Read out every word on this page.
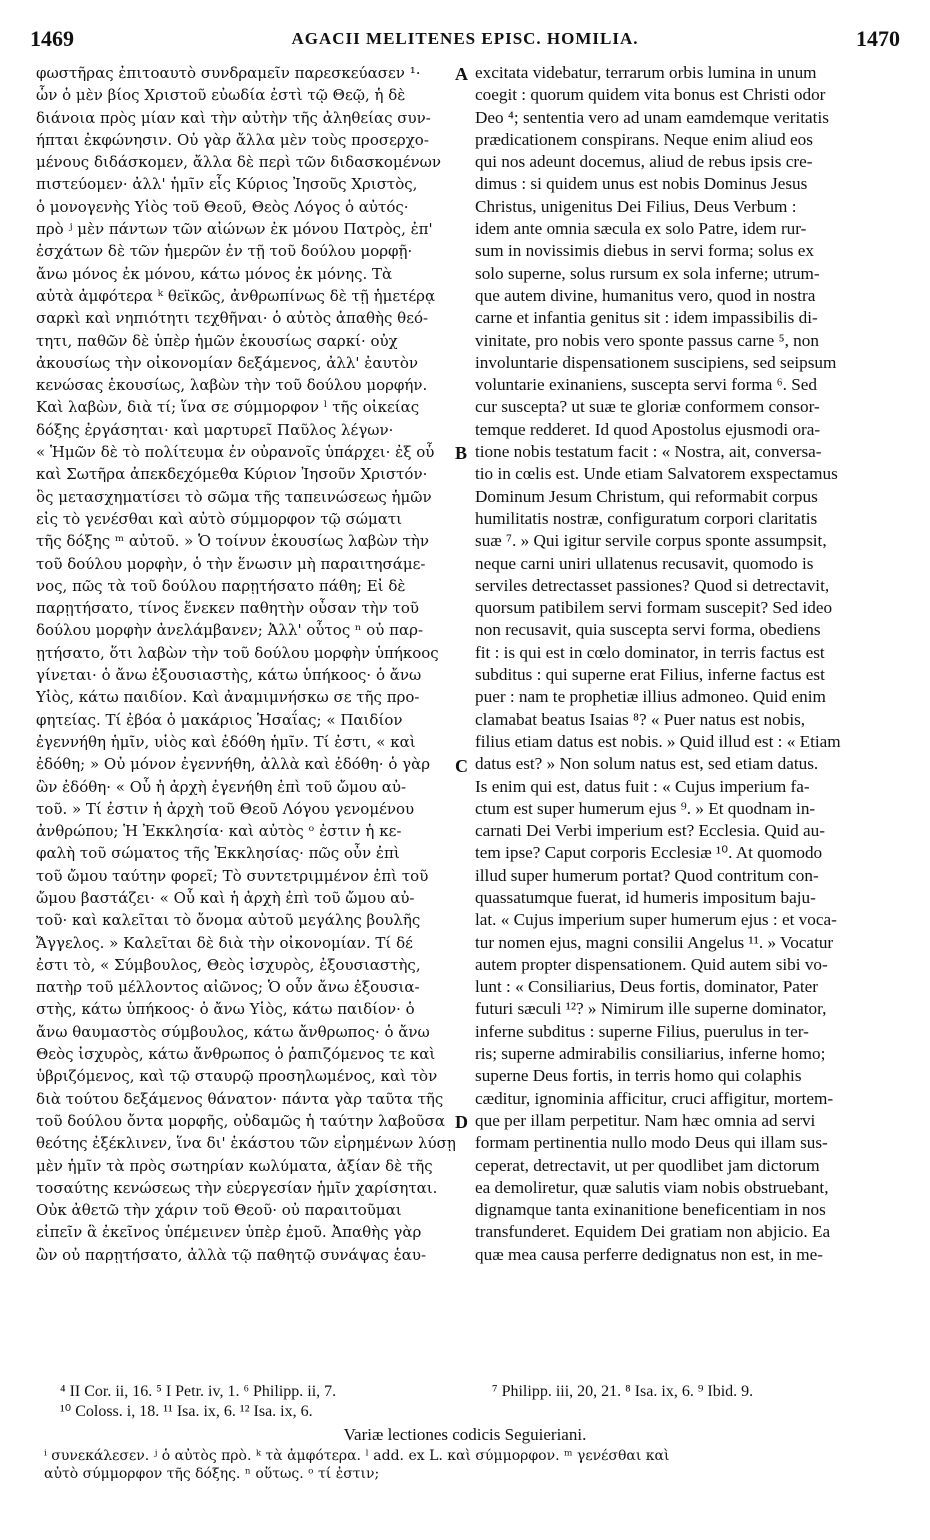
1469	AGACII MELITENES EPISC. HOMILIA.	1470
φωστῆρας ἐπιτοαυτὸ συνδραμεῖν παρεσκεύασεν ¹·
ὧν ὁ μὲν βίος Χριστοῦ εὐωδία ἐστὶ τῷ Θεῷ, ἡ δὲ
διάνοια πρὸς μίαν καὶ τὴν αὐτὴν τῆς ἀληθείας συν-
ήπται ἐκφώνησιν. Οὐ γὰρ ἄλλα μὲν τοὺς προσερχο-
μένους διδάσκομεν, ἄλλα δὲ περὶ τῶν διδασκομένων
πιστεύομεν· ἀλλ' ἡμῖν εἷς Κύριος Ἰησοῦς Χριστὸς,
ὁ μονογενὴς Υἱὸς τοῦ Θεοῦ, Θεὸς Λόγος ὁ αὐτός·
πρὸ ʲ μὲν πάντων τῶν αἰώνων ἐκ μόνου Πατρὸς, ἐπ'
ἐσχάτων δὲ τῶν ἡμερῶν ἐν τῇ τοῦ δούλου μορφῇ·
ἄνω μόνος ἐκ μόνου, κάτω μόνος ἐκ μόνης. Τὰ
αὐτὰ ἀμφότερα ᵏ θεϊκῶς, ἀνθρωπίνως δὲ τῇ ἡμετέρᾳ
σαρκὶ καὶ νηπιότητι τεχθῆναι· ὁ αὐτὸς ἀπαθὴς θεό-
τητι, παθῶν δὲ ὑπὲρ ἡμῶν ἑκουσίως σαρκί· οὐχ
ἀκουσίως τὴν οἰκονομίαν δεξάμενος, ἀλλ' ἑαυτὸν
κενώσας ἑκουσίως, λαβὼν τὴν τοῦ δούλου μορφήν.
Καὶ λαβὼν, διὰ τί; ἵνα σε σύμμορφον ˡ τῆς οἰκείας
δόξης ἐργάσηται· καὶ μαρτυρεῖ Παῦλος λέγων·
« Ἡμῶν δὲ τὸ πολίτευμα ἐν οὐρανοῖς ὑπάρχει· ἐξ οὗ
καὶ Σωτῆρα ἀπεκδεχόμεθα Κύριον Ἰησοῦν Χριστόν·
ὃς μετασχηματίσει τὸ σῶμα τῆς ταπεινώσεως ἡμῶν
εἰς τὸ γενέσθαι καὶ αὐτὸ σύμμορφον τῷ σώματι
τῆς δόξης ᵐ αὐτοῦ. » Ὁ τοίνυν ἑκουσίως λαβὼν τὴν
τοῦ δούλου μορφὴν, ὁ τὴν ἕνωσιν μὴ παραιτησάμε-
νος, πῶς τὰ τοῦ δούλου παρῃτήσατο πάθη; Εἰ δὲ
παρῃτήσατο, τίνος ἕνεκεν παθητὴν οὖσαν τὴν τοῦ
δούλου μορφὴν ἀνελάμβανεν; Ἀλλ' οὗτος ⁿ οὐ παρ-
ῃτήσατο, ὅτι λαβὼν τὴν τοῦ δούλου μορφὴν ὑπήκοος
γίνεται· ὁ ἄνω ἐξουσιαστὴς, κάτω ὑπήκοος· ὁ ἄνω
Υἱὸς, κάτω παιδίον. Καὶ ἀναμιμνήσκω σε τῆς προ-
φητείας. Τί ἐβόα ὁ μακάριος Ἡσαΐας; « Παιδίον
ἐγεννήθη ἡμῖν, υἱὸς καὶ ἐδόθη ἡμῖν. Τί ἐστι, « καὶ
ἐδόθη; » Οὐ μόνον ἐγεννήθη, ἀλλὰ καὶ ἐδόθη· ὁ γὰρ
ὢν ἐδόθη· « Οὗ ἡ ἀρχὴ ἐγενήθη ἐπὶ τοῦ ὤμου αὐ-
τοῦ. » Τί ἐστιν ἡ ἀρχὴ τοῦ Θεοῦ Λόγου γενομένου
ἀνθρώπου; Ἡ Ἐκκλησία· καὶ αὐτὸς ᵒ ἐστιν ἡ κε-
φαλὴ τοῦ σώματος τῆς Ἐκκλησίας· πῶς οὖν ἐπὶ
τοῦ ὤμου ταύτην φορεῖ; Τὸ συντετριμμένον ἐπὶ τοῦ
ὤμου βαστάζει· « Οὗ καὶ ἡ ἀρχὴ ἐπὶ τοῦ ὤμου αὐ-
τοῦ· καὶ καλεῖται τὸ ὄνομα αὐτοῦ μεγάλης βουλῆς
Ἄγγελος. » Καλεῖται δὲ διὰ τὴν οἰκονομίαν. Τί δέ
ἐστι τὸ, « Σύμβουλος, Θεὸς ἰσχυρὸς, ἐξουσιαστὴς,
πατὴρ τοῦ μέλλοντος αἰῶνος; Ὁ οὖν ἄνω ἐξουσια-
στὴς, κάτω ὑπήκοος· ὁ ἄνω Υἱὸς, κάτω παιδίον· ὁ
ἄνω θαυμαστὸς σύμβουλος, κάτω ἄνθρωπος· ὁ ἄνω
Θεὸς ἰσχυρὸς, κάτω ἄνθρωπος ὁ ῥαπιζόμενος τε καὶ
ὑβριζόμενος, καὶ τῷ σταυρῷ προσηλωμένος, καὶ τὸν
διὰ τούτου δεξάμενος θάνατον· πάντα γὰρ ταῦτα τῆς
τοῦ δούλου ὄντα μορφῆς, οὐδαμῶς ἡ ταύτην λαβοῦσα
θεότης ἐξέκλινεν, ἵνα δι' ἑκάστου τῶν εἰρημένων λύσῃ
μὲν ἡμῖν τὰ πρὸς σωτηρίαν κωλύματα, ἀξίαν δὲ τῆς
τοσαύτης κενώσεως τὴν εὐεργεσίαν ἡμῖν χαρίσηται.
Οὐκ ἀθετῶ τὴν χάριν τοῦ Θεοῦ· οὐ παραιτοῦμαι
εἰπεῖν ἃ ἐκεῖνος ὑπέμεινεν ὑπὲρ ἐμοῦ. Ἀπαθὴς γὰρ
ὢν οὐ παρῃτήσατο, ἀλλὰ τῷ παθητῷ συνάψας ἑαυ-
excitata videbatur, terrarum orbis lumina in unum
coegit : quorum quidem vita bonus est Christi odor
Deo ⁴; sententia vero ad unam eamdemque veritatis
prædicationem conspirans. Neque enim aliud eos
qui nos adeunt docemus, aliud de rebus ipsis cre-
dimus : si quidem unus est nobis Dominus Jesus
Christus, unigenitus Dei Filius, Deus Verbum :
idem ante omnia sæcula ex solo Patre, idem rur-
sum in novissimis diebus in servi forma; solus ex
solo superne, solus rursum ex sola inferne; utrum-
que autem divine, humanitus vero, quod in nostra
carne et infantia genitus sit : idem impassibilis di-
vinitate, pro nobis vero sponte passus carne ⁵, non
involuntarie dispensationem suscipiens, sed seipsum
voluntarie exinaniens, suscepta servi forma ⁶. Sed
cur suscepta? ut suæ te gloriæ conformem consor-
temque redderet. Id quod Apostolus ejusmodi ora-
tione nobis testatum facit : « Nostra, ait, conversa-
tio in cœlis est. Unde etiam Salvatorem exspectamus
Dominum Jesum Christum, qui reformabit corpus
humilitatis nostræ, configuratum corpori claritatis
suæ ⁷. » Qui igitur servile corpus sponte assumpsit,
neque carni uniri ullatenus recusavit, quomodo is
serviles detrectasset passiones? Quod si detrectavit,
quorsum patibilem servi formam suscepit? Sed ideo
non recusavit, quia suscepta servi forma, obediens
fit : is qui est in cœlo dominator, in terris factus est
subditus : qui superne erat Filius, inferne factus est
puer : nam te prophetiæ illius admoneo. Quid enim
clamabat beatus Isaias ⁸? « Puer natus est nobis,
filius etiam datus est nobis. » Quid illud est : « Etiam
datus est? » Non solum natus est, sed etiam datus.
Is enim qui est, datus fuit : « Cujus imperium fa-
ctum est super humerum ejus ⁹. » Et quodnam in-
carnati Dei Verbi imperium est? Ecclesia. Quid au-
tem ipse? Caput corporis Ecclesiæ ¹⁰. At quomodo
illud super humerum portat? Quod contritum con-
quassatumque fuerat, id humeris impositum baju-
lat. « Cujus imperium super humerum ejus : et voca-
tur nomen ejus, magni consilii Angelus ¹¹. » Vocatur
autem propter dispensationem. Quid autem sibi vo-
lunt : « Consiliarius, Deus fortis, dominator, Pater
futuri sæculi ¹²? » Nimirum ille superne dominator,
inferne subditus : superne Filius, puerulus in ter-
ris; superne admirabilis consiliarius, inferne homo;
superne Deus fortis, in terris homo qui colaphis
cæditur, ignominia afficitur, cruci affigitur, mortem-
que per illam perpetitur. Nam hæc omnia ad servi
formam pertinentia nullo modo Deus qui illam sus-
ceperat, detrectavit, ut per quodlibet jam dictorum
ea demoliretur, quæ salutis viam nobis obstruebant,
dignamque tanta exinanitione beneficentiam in nos
transfunderet. Equidem Dei gratiam non abjicio. Ea
quæ mea causa perferre dedignatus non est, in me-
A
B
C
D
⁴ II Cor. ii, 16. ⁵ I Petr. iv, 1. ⁶ Philipp. ii, 7.
¹⁰ Coloss. i, 18. ¹¹ Isa. ix, 6. ¹² Isa. ix, 6.
⁷ Philipp. iii, 20, 21. ⁸ Isa. ix, 6. ⁹ Ibid. 9.
Variæ lectiones codicis Seguieriani.
ⁱ συνεκάλεσεν. ʲ ὁ αὐτὸς πρὸ. ᵏ τὰ ἀμφότερα. ˡ add. ex L. καὶ σύμμορφον. ᵐ γενέσθαι καὶ
αὐτὸ σύμμορφον τῆς δόξης. ⁿ οὕτως. ᵒ τί ἐστιν;
